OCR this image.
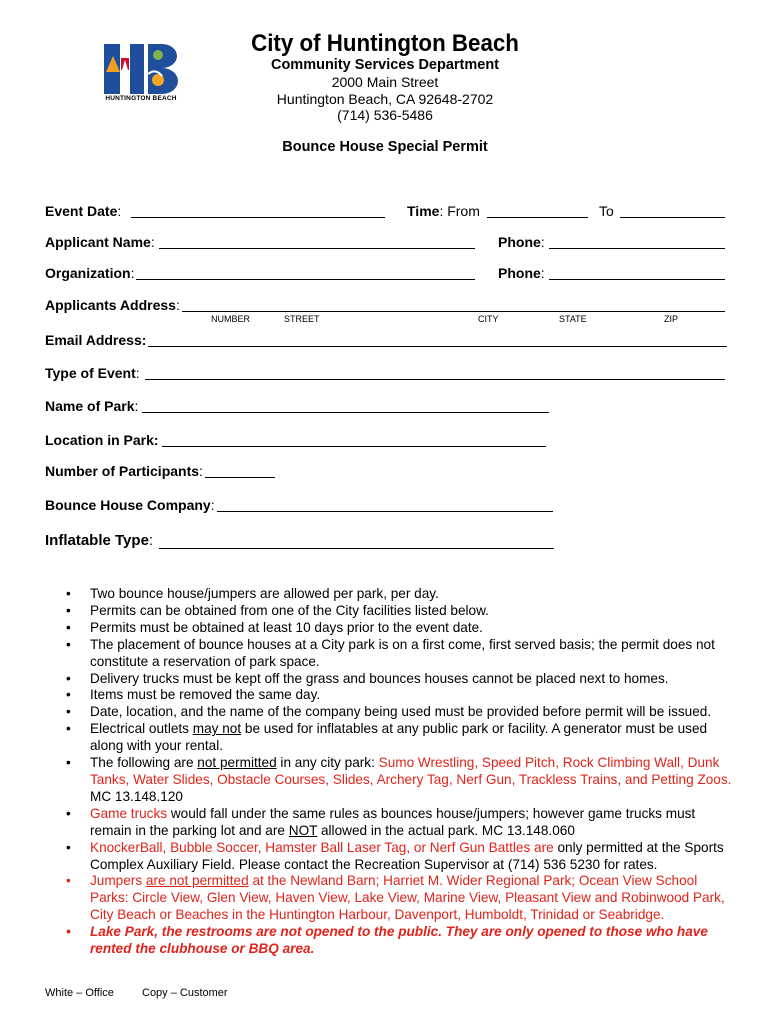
HUNTINGTON BEACH
City of Huntington Beach
Community Services Department
2000 Main Street
Huntington Beach, CA 92648-2702
(714) 536-5486
Bounce House Special Permit
Event Date:	Time: From	To
Applicant Name:	Phone:
Organization:	Phone:
Applicants Address:
NUMBER	STREET	CITY	STATE	ZIP
Email Address:
Type of Event:
Name of Park:
Location in Park:
Number of Participants:
Bounce House Company:
Inflatable Type:
• Two bounce house/jumpers are allowed per park, per day.
• Permits can be obtained from one of the City facilities listed below.
• Permits must be obtained at least 10 days prior to the event date.
• The placement of bounce houses at a City park is on a first come, first served basis; the permit does not constitute a reservation of park space.
• Delivery trucks must be kept off the grass and bounces houses cannot be placed next to homes.
• Items must be removed the same day.
• Date, location, and the name of the company being used must be provided before permit will be issued.
• Electrical outlets may not be used for inflatables at any public park or facility. A generator must be used along with your rental.
• The following are not permitted in any city park: Sumo Wrestling, Speed Pitch, Rock Climbing Wall, Dunk Tanks, Water Slides, Obstacle Courses, Slides, Archery Tag, Nerf Gun, Trackless Trains, and Petting Zoos. MC 13.148.120
• Game trucks would fall under the same rules as bounces house/jumpers; however game trucks must remain in the parking lot and are NOT allowed in the actual park. MC 13.148.060
• KnockerBall, Bubble Soccer, Hamster Ball Laser Tag, or Nerf Gun Battles are only permitted at the Sports Complex Auxiliary Field. Please contact the Recreation Supervisor at (714) 536 5230 for rates.
• Jumpers are not permitted at the Newland Barn; Harriet M. Wider Regional Park; Ocean View School Parks: Circle View, Glen View, Haven View, Lake View, Marine View, Pleasant View and Robinwood Park, City Beach or Beaches in the Huntington Harbour, Davenport, Humboldt, Trinidad or Seabridge.
• Lake Park, the restrooms are not opened to the public. They are only opened to those who have rented the clubhouse or BBQ area.
White – Office	Copy – Customer
